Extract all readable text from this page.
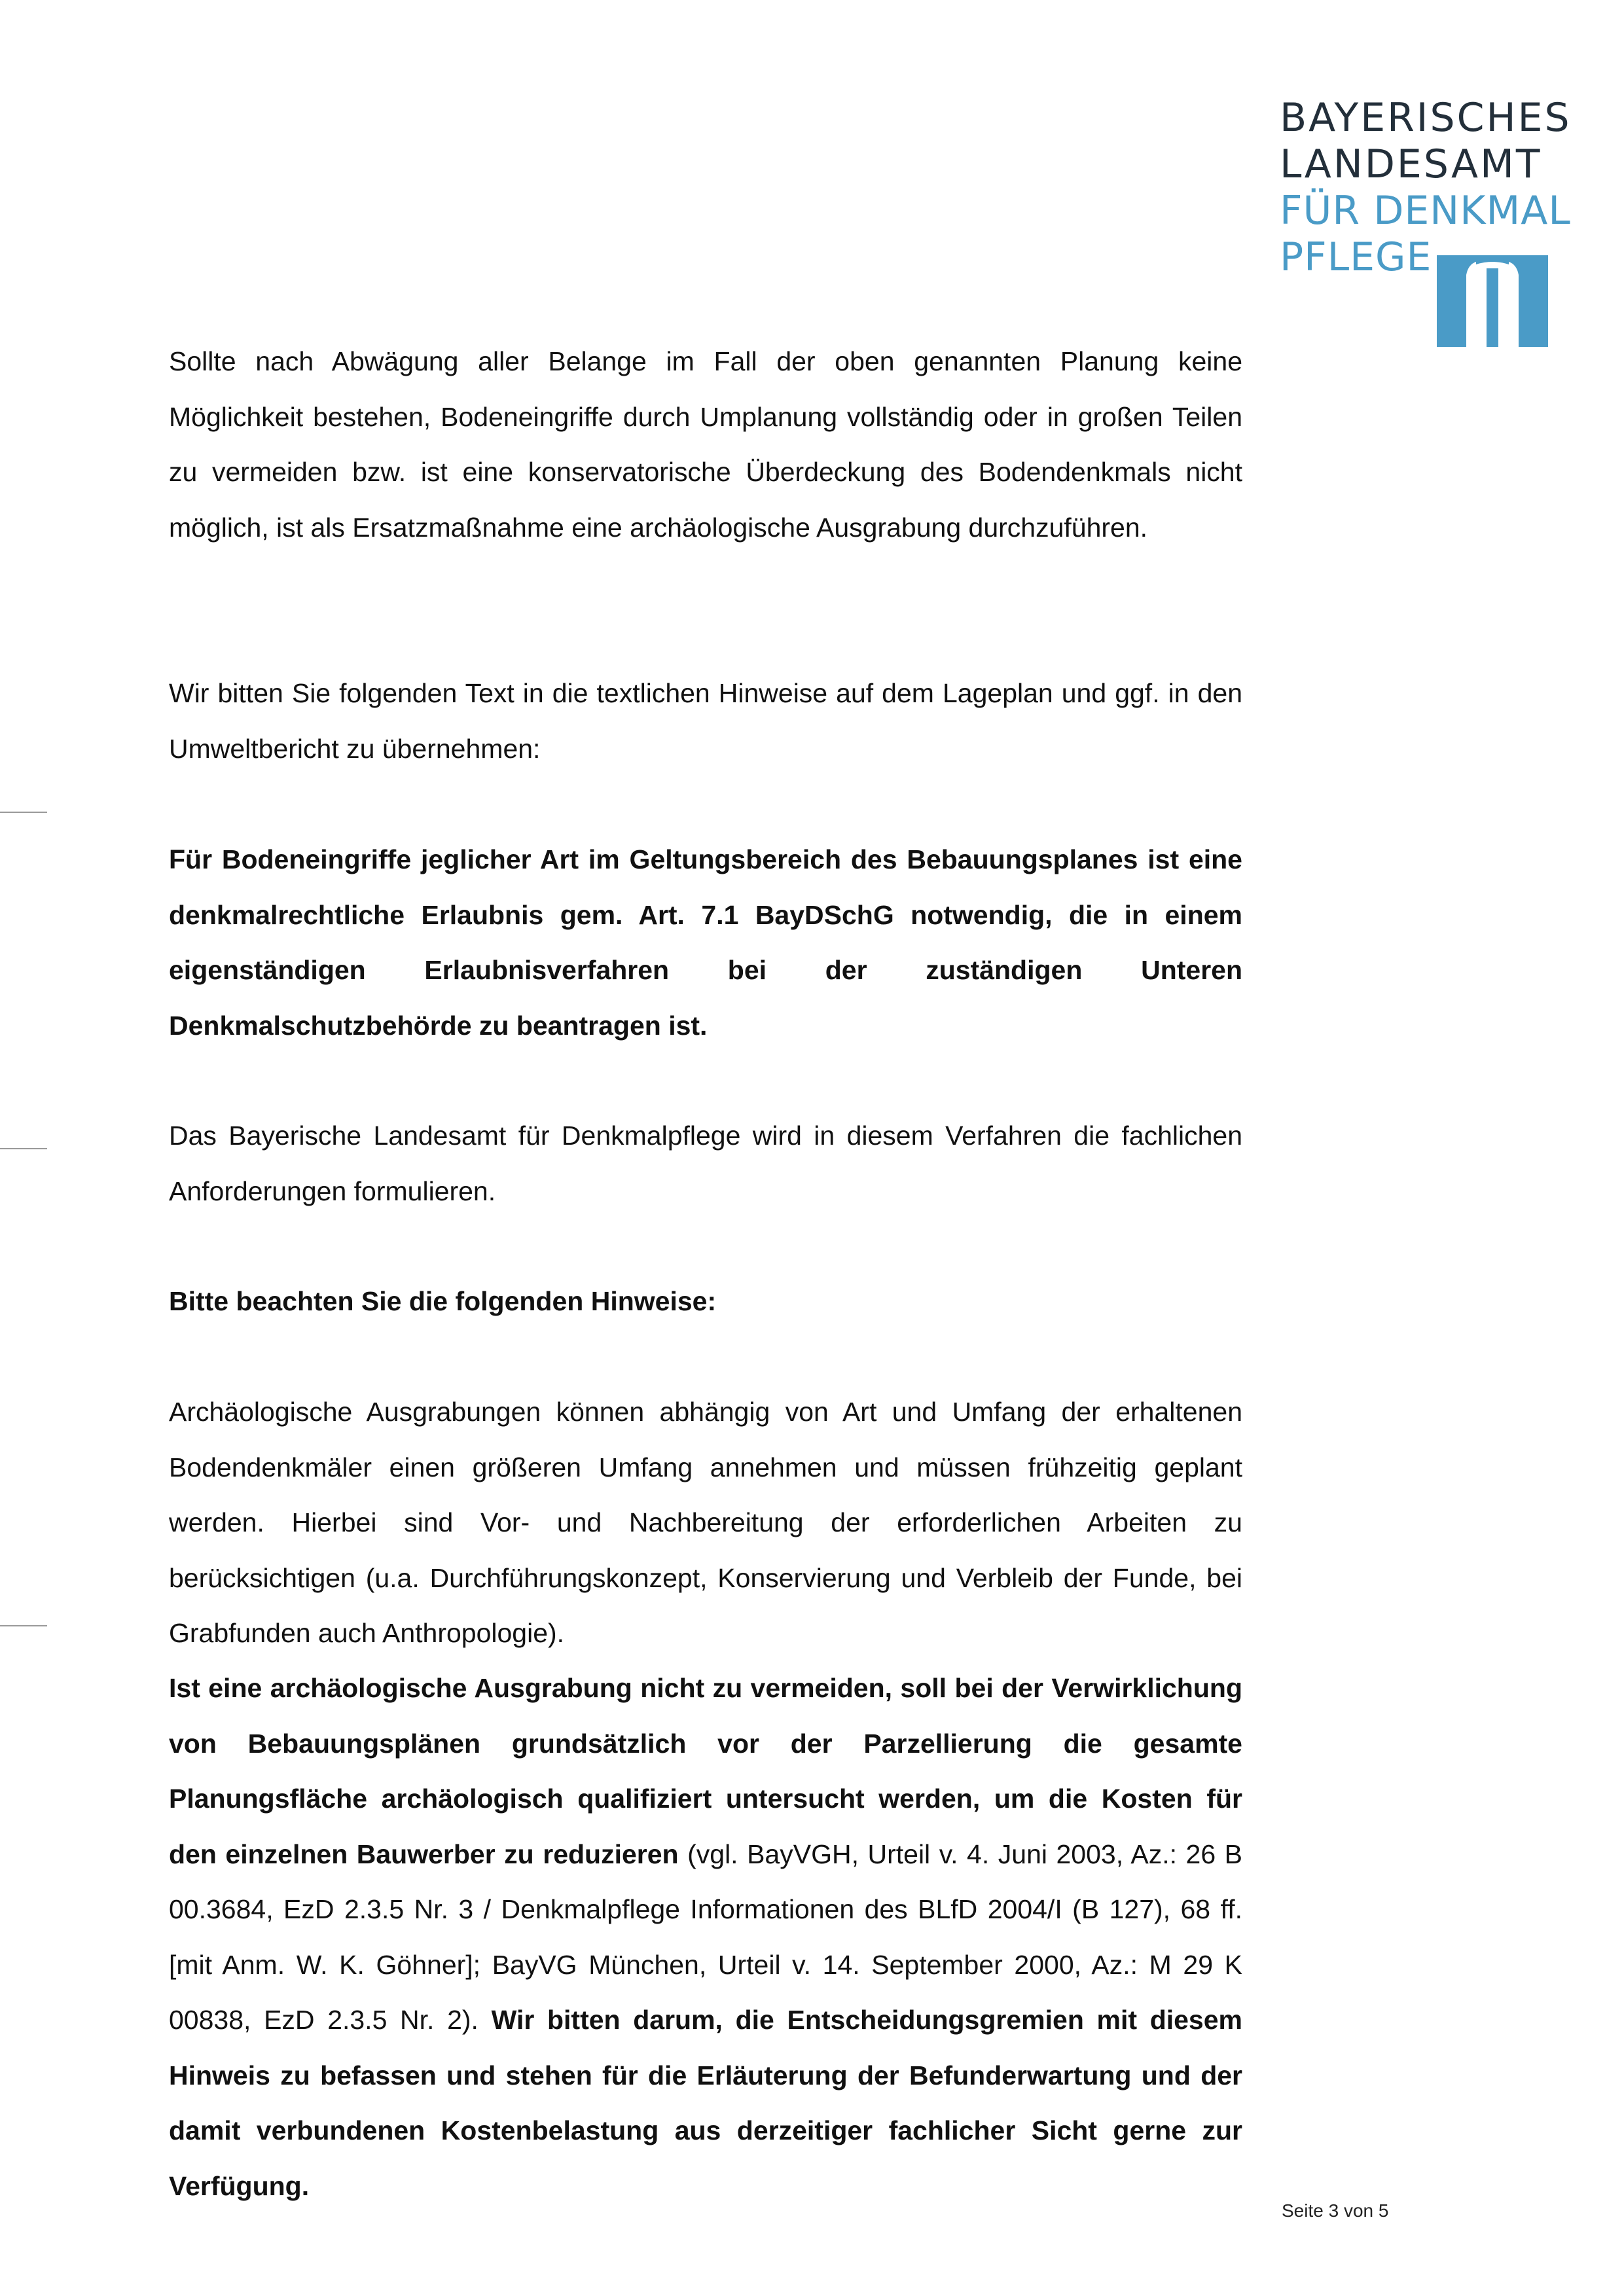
BAYERISCHES
LANDESAMT
FÜR DENKMAL
PFLEGE

Sollte nach Abwägung aller Belange im Fall der oben genannten Planung keine Möglichkeit bestehen, Bodeneingriffe durch Umplanung vollständig oder in großen Teilen zu vermeiden bzw. ist eine konservatorische Überdeckung des Bodendenkmals nicht möglich, ist als Ersatzmaßnahme eine archäologische Ausgrabung durchzuführen.

Wir bitten Sie folgenden Text in die textlichen Hinweise auf dem Lageplan und ggf. in den Umweltbericht zu übernehmen:

Für Bodeneingriffe jeglicher Art im Geltungsbereich des Bebauungsplanes ist eine denkmalrechtliche Erlaubnis gem. Art. 7.1 BayDSchG notwendig, die in einem eigenständigen Erlaubnisverfahren bei der zuständigen Unteren Denkmalschutzbehörde zu beantragen ist.

Das Bayerische Landesamt für Denkmalpflege wird in diesem Verfahren die fachlichen Anforderungen formulieren.

Bitte beachten Sie die folgenden Hinweise:

Archäologische Ausgrabungen können abhängig von Art und Umfang der erhaltenen Bodendenkmäler einen größeren Umfang annehmen und müssen frühzeitig geplant werden. Hierbei sind Vor- und Nachbereitung der erforderlichen Arbeiten zu berücksichtigen (u.a. Durchführungskonzept, Konservierung und Verbleib der Funde, bei Grabfunden auch Anthropologie).

Ist eine archäologische Ausgrabung nicht zu vermeiden, soll bei der Verwirklichung von Bebauungsplänen grundsätzlich vor der Parzellierung die gesamte Planungsfläche archäologisch qualifiziert untersucht werden, um die Kosten für den einzelnen Bauwerber zu reduzieren (vgl. BayVGH, Urteil v. 4. Juni 2003, Az.: 26 B 00.3684, EzD 2.3.5 Nr. 3 / Denkmalpflege Informationen des BLfD 2004/I (B 127), 68 ff. [mit Anm. W. K. Göhner]; BayVG München, Urteil v. 14. September 2000, Az.: M 29 K 00838, EzD 2.3.5 Nr. 2). Wir bitten darum, die Entscheidungsgremien mit diesem Hinweis zu befassen und stehen für die Erläuterung der Befunderwartung und der damit verbundenen Kostenbelastung aus derzeitiger fachlicher Sicht gerne zur Verfügung.

Seite 3 von 5
